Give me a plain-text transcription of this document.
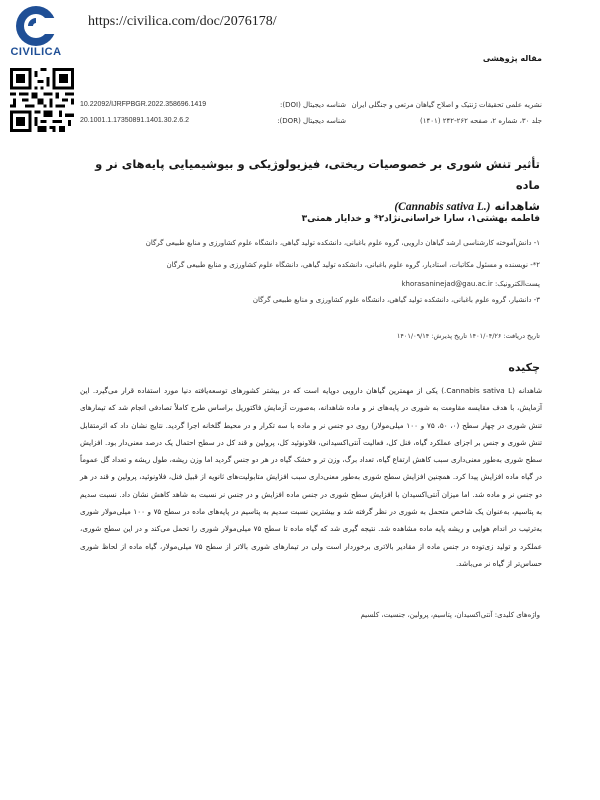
CIVILICA
https://civilica.com/doc/2076178/
مقاله پژوهشی
نشریه علمی تحقیقات ژنتیک و اصلاح گیاهان مرتعی و جنگلی ایران
جلد ۳۰، شماره ۲، صفحه ۲۶۲-۲۴۲ (۱۴۰۱)
شناسه دیجیتال (DOI):
شناسه دیجیتال (DOR):
10.22092/IJRFPBGR.2022.358696.1419
20.1001.1.17350891.1401.30.2.6.2
تأثیر تنش شوری بر خصوصیات ریختی، فیزیولوژیکی و بیوشیمیایی پایه‌های نر و ماده
شاهدانه (Cannabis sativa L.)
فاطمه بهشتی۱، سارا خراسانی‌نژاد۲* و خدایار همتی۳
۱- دانش‌آموخته کارشناسی ارشد گیاهان دارویی، گروه علوم باغبانی، دانشکده تولید گیاهی، دانشگاه علوم کشاورزی و منابع طبیعی گرگان
۲*- نویسنده و مسئول مکاتبات، استادیار، گروه علوم باغبانی، دانشکده تولید گیاهی، دانشگاه علوم کشاورزی و منابع طبیعی گرگان
پست‌الکترونیک: khorasaninejad@gau.ac.ir
۳- دانشیار، گروه علوم باغبانی، دانشکده تولید گیاهی، دانشگاه علوم کشاورزی و منابع طبیعی گرگان
تاریخ دریافت: ۱۴۰۱/۰۴/۲۶ تاریخ پذیرش: ۱۴۰۱/۰۹/۱۴
چکیده
شاهدانه (Cannabis sativa L.) یکی از مهمترین گیاهان دارویی دوپایه است که در بیشتر کشورهای توسعه‌یافته دنیا مورد استفاده قرار می‌گیرد. این آزمایش، با هدف مقایسه مقاومت به شوری در پایه‌های نر و ماده شاهدانه، به‌صورت آزمایش فاکتوریل براساس طرح کاملاً تصادفی انجام شد که تیمارهای تنش شوری در چهار سطح (۰، ۵۰، ۷۵ و ۱۰۰ میلی‌مولار) روی دو جنس نر و ماده با سه تکرار و در محیط گلخانه اجرا گردید. نتایج نشان داد که اثرمتقابل تنش شوری و جنس بر اجزای عملکرد گیاه، فنل کل، فعالیت آنتی‌اکسیدانی، فلاونوئید کل، پرولین و قند کل در سطح احتمال یک درصد معنی‌دار بود. افزایش سطح شوری به‌طور معنی‌داری سبب کاهش ارتفاع گیاه، تعداد برگ، وزن تر و خشک گیاه در هر دو جنس گردید اما وزن ریشه، طول ریشه و تعداد گل عموماً در گیاه ماده افزایش پیدا کرد. همچنین افزایش سطح شوری به‌طور معنی‌داری سبب افزایش متابولیت‌های ثانویه از قبیل فنل، فلاونوئید، پرولین و قند در هر دو جنس نر و ماده شد. اما میزان آنتی‌اکسیدان با افزایش سطح شوری در جنس ماده افزایش و در جنس نر نسبت به شاهد کاهش نشان داد. نسبت سدیم به پتاسیم، به‌عنوان یک شاخص متحمل به شوری در نظر گرفته شد و بیشترین نسبت سدیم به پتاسیم در پایه‌های ماده در سطح ۷۵ و ۱۰۰ میلی‌مولار شوری به‌ترتیب در اندام هوایی و ریشه پایه ماده مشاهده شد. نتیجه گیری شد که گیاه ماده تا سطح ۷۵ میلی‌مولار شوری را تحمل می‌کند و در این سطح شوری، عملکرد و تولید زی‌توده در جنس ماده از مقادیر بالاتری برخوردار است ولی در تیمارهای شوری بالاتر از سطح ۷۵ میلی‌مولار، گیاه ماده از لحاظ شوری حساس‌تر از گیاه نر می‌باشد.
واژه‌های کلیدی: آنتی‌اکسیدان، پتاسیم، پرولین، جنسیت، کلسیم
